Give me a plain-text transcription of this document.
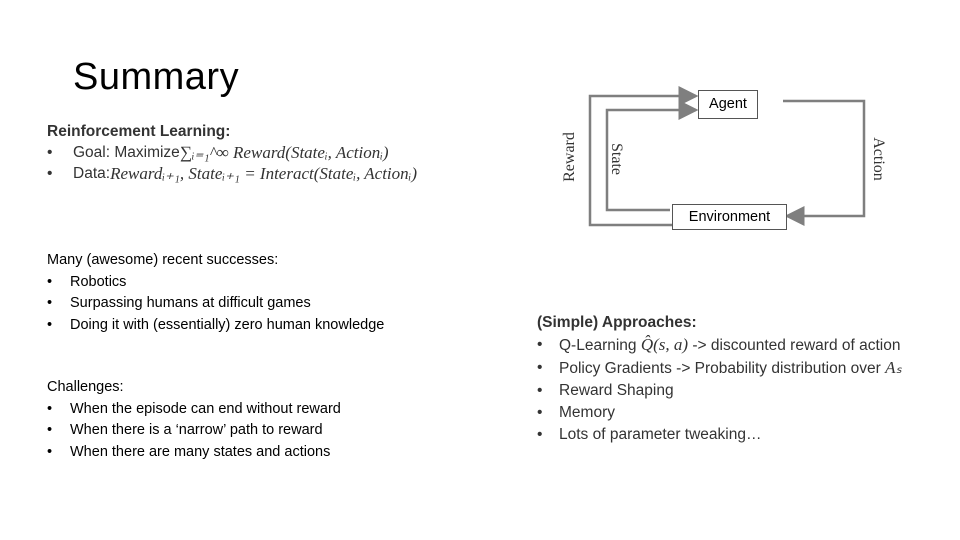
Summary
Reinforcement Learning:
•	Goal: Maximize ∑ᵢ₌₁^∞ Reward(Stateᵢ, Actionᵢ)
•	Data: Rewardᵢ₊₁, Stateᵢ₊₁ = Interact(Stateᵢ, Actionᵢ)
Many (awesome) recent successes:
•	Robotics
•	Surpassing humans at difficult games
•	Doing it with (essentially) zero human knowledge
Challenges:
•	When the episode can end without reward
•	When there is a ‘narrow’ path to reward
•	When there are many states and actions
(Simple) Approaches:
•	Q-Learning Q̂(s, a) -> discounted reward of action
•	Policy Gradients -> Probability distribution over Aₛ
•	Reward Shaping
•	Memory
•	Lots of parameter tweaking…
Agent
Environment
Reward State	Action
